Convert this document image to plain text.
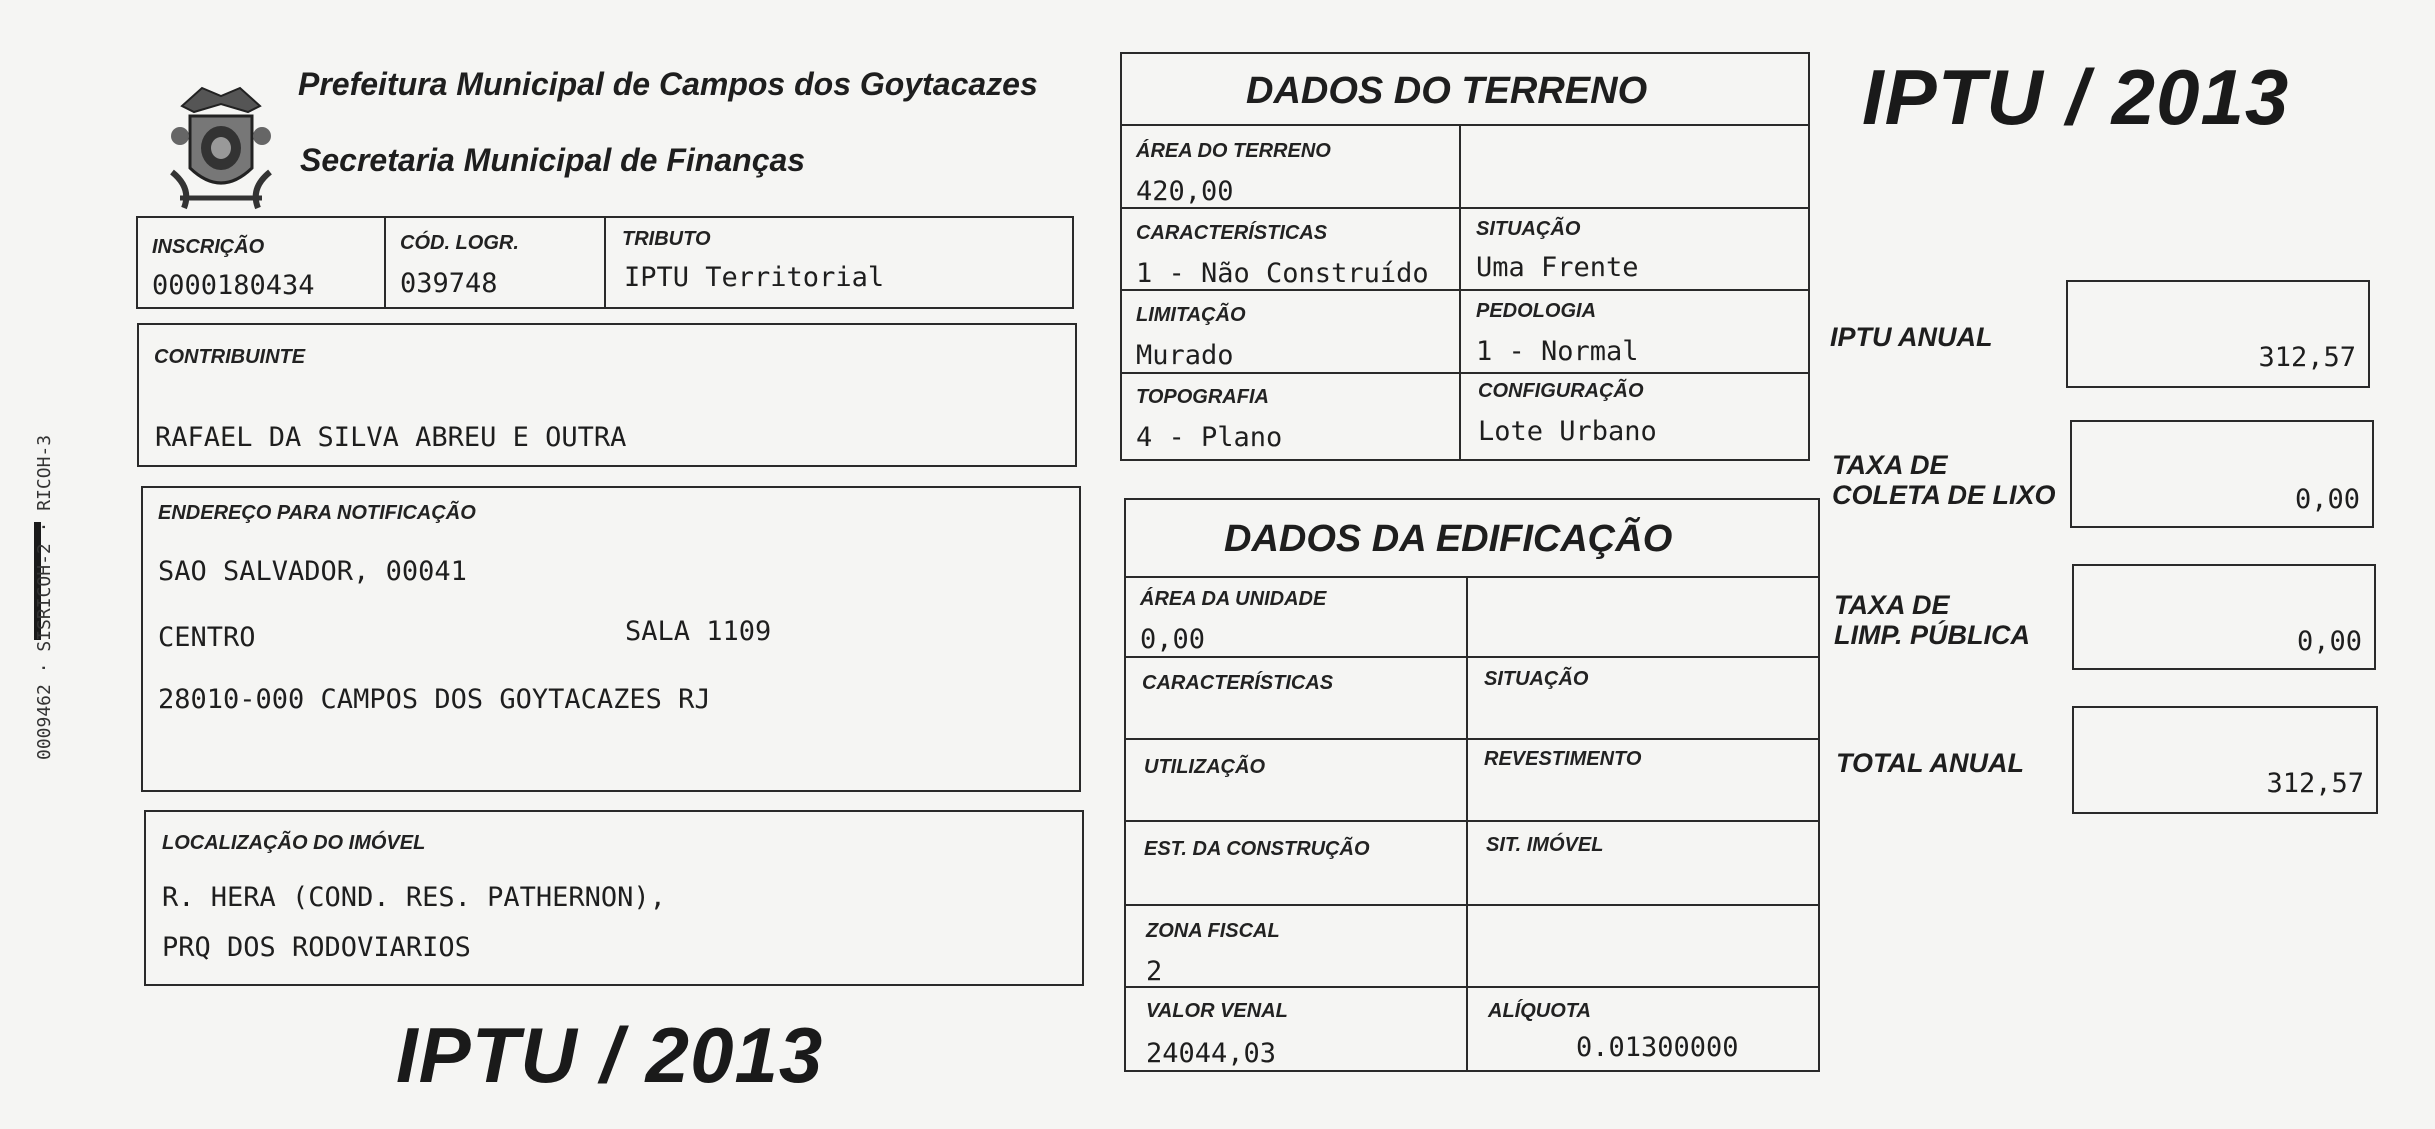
0009462 · SISRICOH-2 · RICOH-3
Prefeitura Municipal de Campos dos Goytacazes
Secretaria Municipal de Finanças
IPTU / 2013
INSCRIÇÃO
0000180434
CÓD. LOGR.
039748
TRIBUTO
IPTU Territorial
CONTRIBUINTE
RAFAEL DA SILVA ABREU E OUTRA
ENDEREÇO PARA NOTIFICAÇÃO
SAO SALVADOR, 00041
CENTRO	SALA 1109
28010-000 CAMPOS DOS GOYTACAZES RJ
LOCALIZAÇÃO DO IMÓVEL
R. HERA (COND. RES. PATHERNON),
PRQ DOS RODOVIARIOS
IPTU / 2013
DADOS DO TERRENO
ÁREA DO TERRENO
420,00
CARACTERÍSTICAS
1 - Não Construído
SITUAÇÃO
Uma Frente
LIMITAÇÃO
Murado
PEDOLOGIA
1 - Normal
TOPOGRAFIA
4 - Plano
CONFIGURAÇÃO
Lote Urbano
DADOS DA EDIFICAÇÃO
ÁREA DA UNIDADE
0,00
CARACTERÍSTICAS	SITUAÇÃO
UTILIZAÇÃO	REVESTIMENTO
EST. DA CONSTRUÇÃO	SIT. IMÓVEL
ZONA FISCAL
2
VALOR VENAL
24044,03
ALÍQUOTA
0.01300000
IPTU ANUAL
312,57
TAXA DE
COLETA DE LIXO	0,00
TAXA DE
LIMP. PÚBLICA	0,00
TOTAL ANUAL
312,57
